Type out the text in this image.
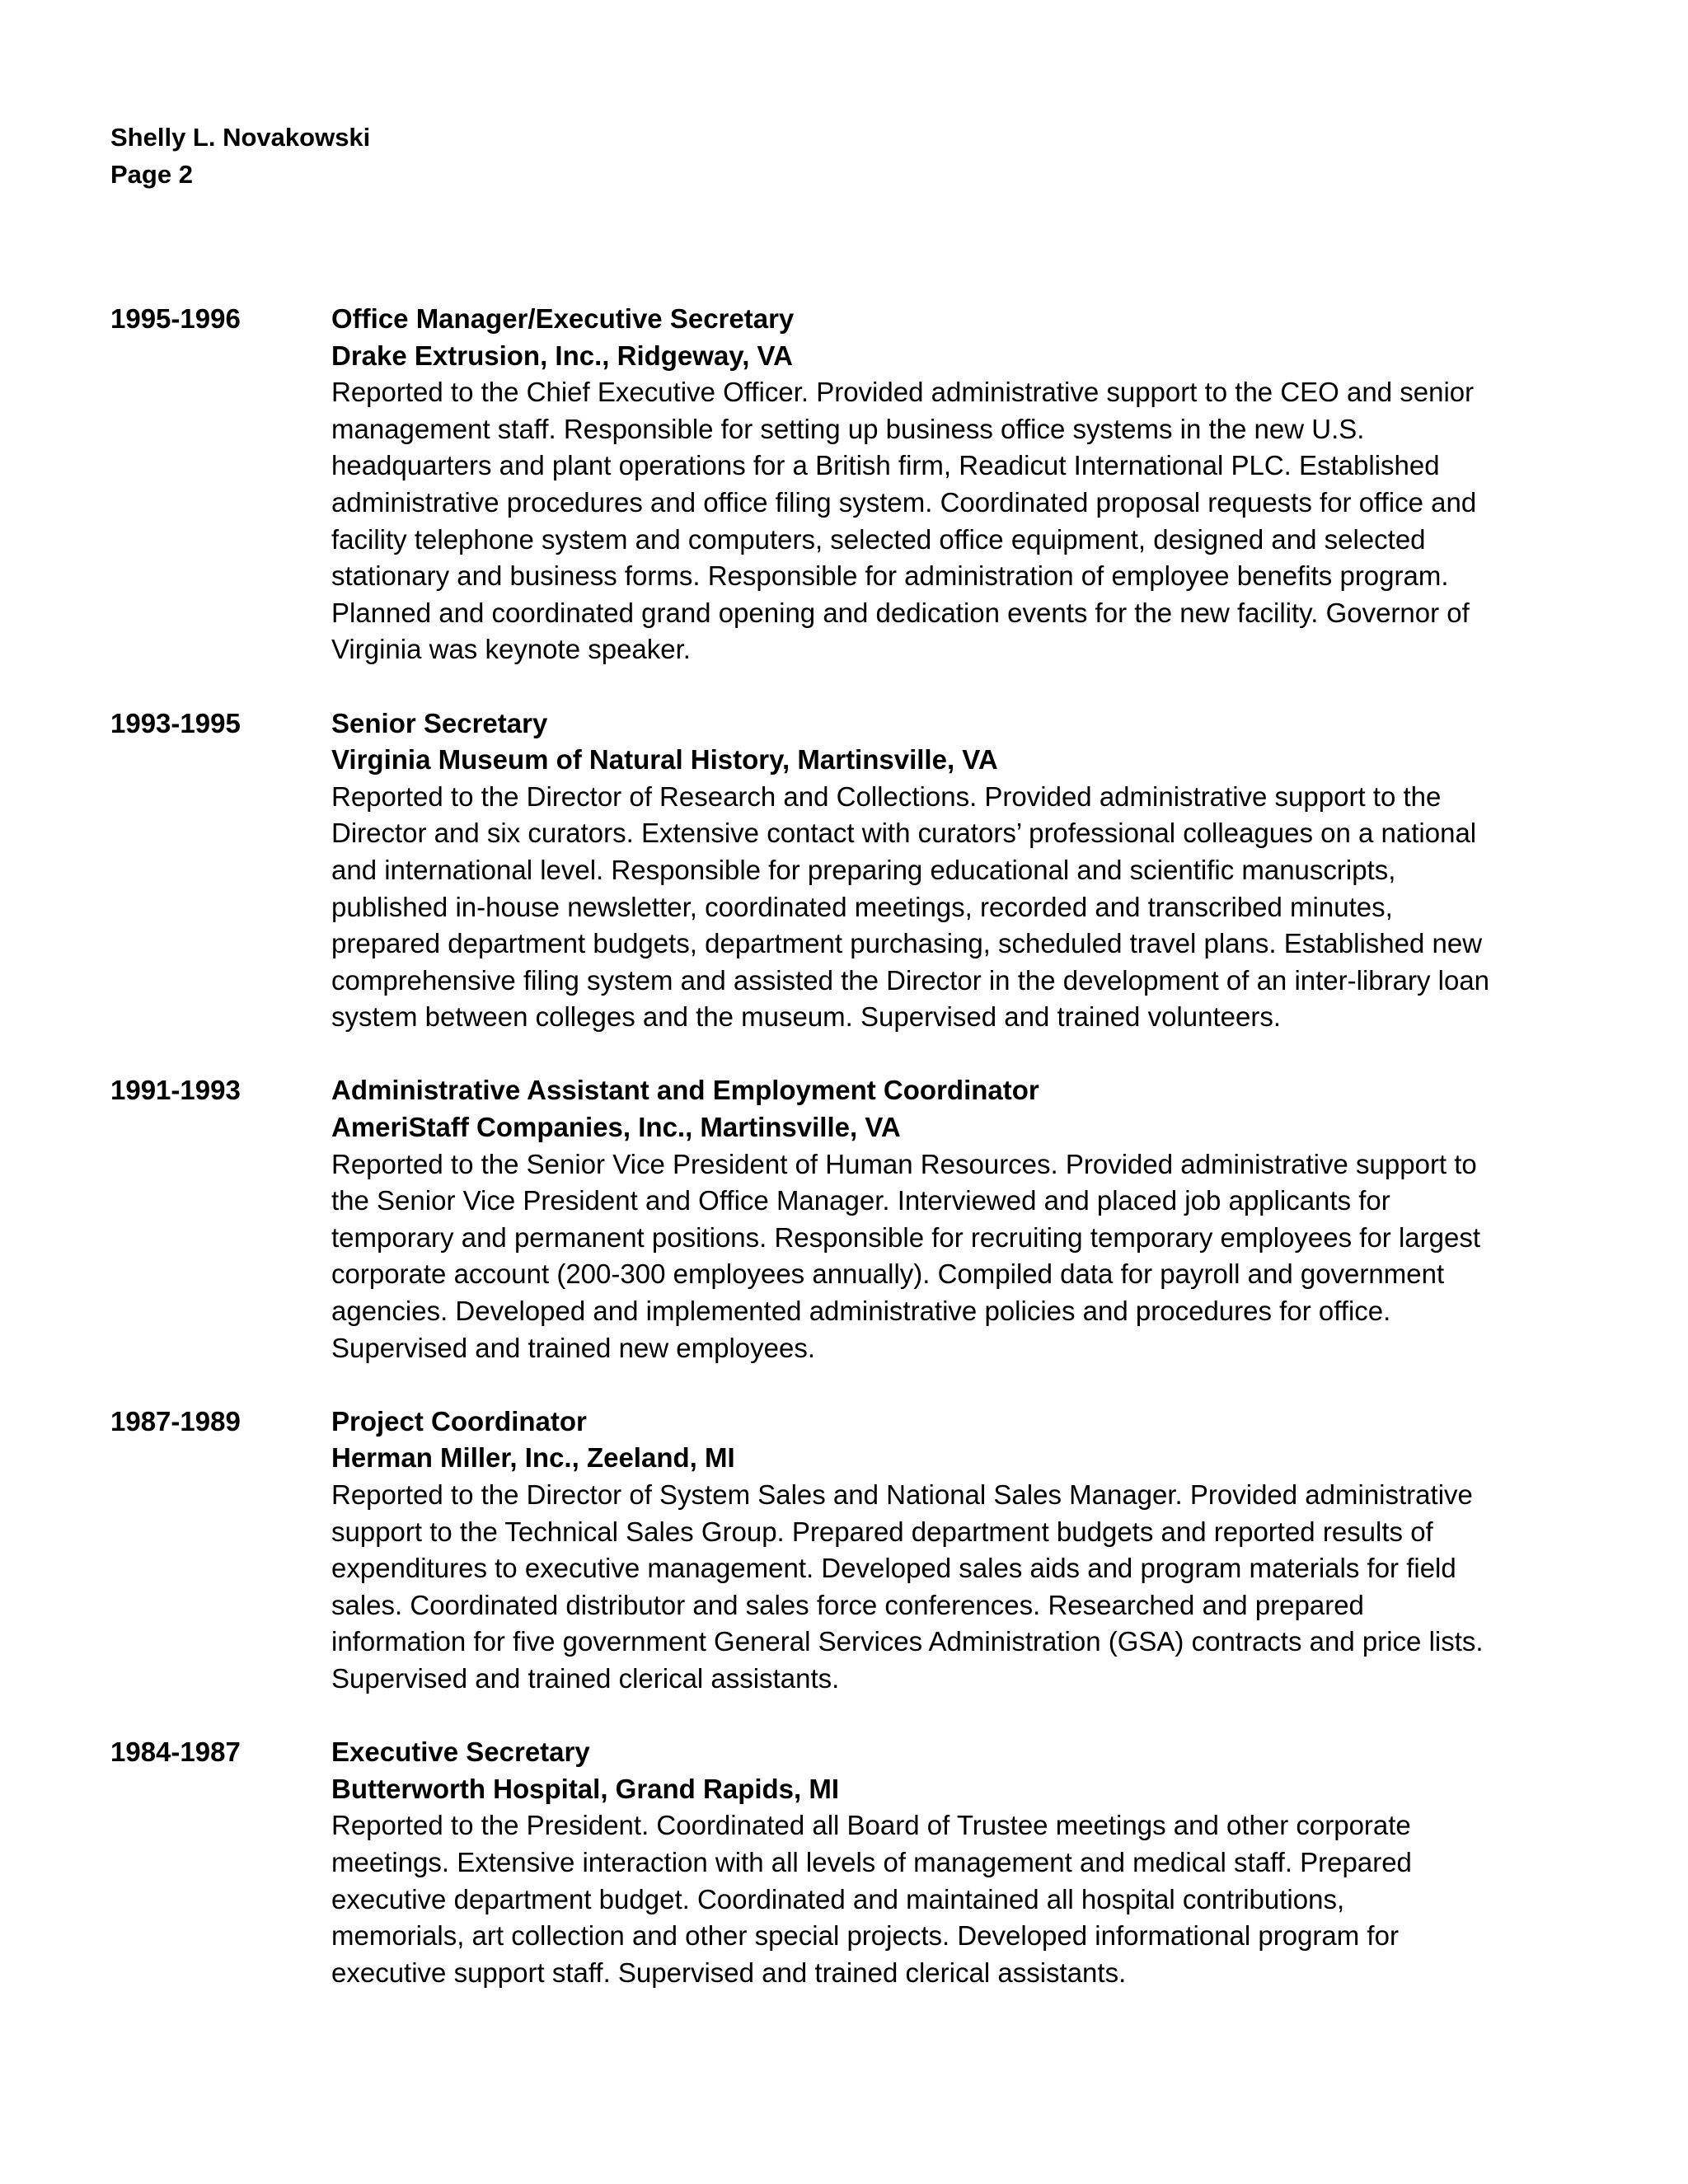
Shelly L. Novakowski
Page 2
1995-1996	Office Manager/Executive Secretary
Drake Extrusion, Inc., Ridgeway, VA
Reported to the Chief Executive Officer. Provided administrative support to the CEO and senior
management staff. Responsible for setting up business office systems in the new U.S.
headquarters and plant operations for a British firm, Readicut International PLC. Established
administrative procedures and office filing system. Coordinated proposal requests for office and
facility telephone system and computers, selected office equipment, designed and selected
stationary and business forms. Responsible for administration of employee benefits program.
Planned and coordinated grand opening and dedication events for the new facility. Governor of
Virginia was keynote speaker.
1993-1995	Senior Secretary
Virginia Museum of Natural History, Martinsville, VA
Reported to the Director of Research and Collections. Provided administrative support to the
Director and six curators. Extensive contact with curators’ professional colleagues on a national
and international level. Responsible for preparing educational and scientific manuscripts,
published in-house newsletter, coordinated meetings, recorded and transcribed minutes,
prepared department budgets, department purchasing, scheduled travel plans. Established new
comprehensive filing system and assisted the Director in the development of an inter-library loan
system between colleges and the museum. Supervised and trained volunteers.
1991-1993	Administrative Assistant and Employment Coordinator
AmeriStaff Companies, Inc., Martinsville, VA
Reported to the Senior Vice President of Human Resources. Provided administrative support to
the Senior Vice President and Office Manager. Interviewed and placed job applicants for
temporary and permanent positions. Responsible for recruiting temporary employees for largest
corporate account (200-300 employees annually). Compiled data for payroll and government
agencies. Developed and implemented administrative policies and procedures for office.
Supervised and trained new employees.
1987-1989	Project Coordinator
Herman Miller, Inc., Zeeland, MI
Reported to the Director of System Sales and National Sales Manager. Provided administrative
support to the Technical Sales Group. Prepared department budgets and reported results of
expenditures to executive management. Developed sales aids and program materials for field
sales. Coordinated distributor and sales force conferences. Researched and prepared
information for five government General Services Administration (GSA) contracts and price lists.
Supervised and trained clerical assistants.
1984-1987	Executive Secretary
Butterworth Hospital, Grand Rapids, MI
Reported to the President. Coordinated all Board of Trustee meetings and other corporate
meetings. Extensive interaction with all levels of management and medical staff. Prepared
executive department budget. Coordinated and maintained all hospital contributions,
memorials, art collection and other special projects. Developed informational program for
executive support staff. Supervised and trained clerical assistants.
